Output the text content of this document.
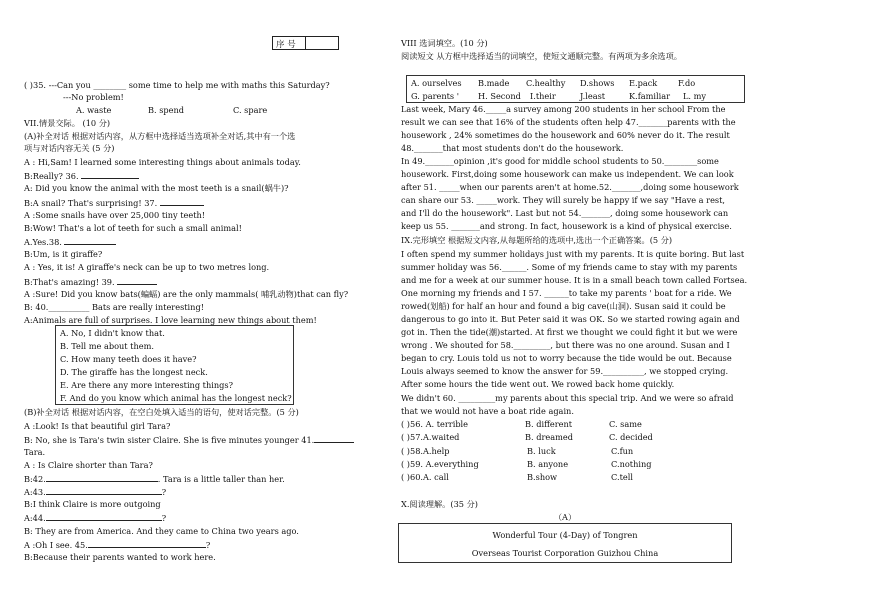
序 号
( )35. ---Can you ________ some time to help me with maths this Saturday?
---No problem!
A. waste	B. spend	C. spare
VII.情景交际。 (10 分)
(A)补全对话 根据对话内容，从方框中选择适当选项补全对话,其中有一个选
项与对话内容无关 (5 分)
A : Hi,Sam! I learned some interesting things about animals today.
B:Really? 36.
A: Did you know the animal with the most teeth is a snail(蜗牛)?
B:A snail? That's surprising! 37.
A :Some snails have over 25,000 tiny teeth!
B:Wow! That's a lot of teeth for such a small animal!
A.Yes.38.
B:Um, is it giraffe?
A : Yes, it is! A giraffe's neck can be up to two metres long.
B:That's amazing! 39.
A :Sure! Did you know bats(蝙蝠) are the only mammals( 哺乳动物)that can fly?
B: 40.__________ Bats are really interesting!
A:Animals are full of surprises. I love learning new things about them!
A. No, I didn't know that.
B. Tell me about them.
C. How many teeth does it have?
D. The giraffe has the longest neck.
E. Are there any more interesting things?
F. And do you know which animal has the longest neck?
(B)补全对话 根据对话内容，在空白处填入适当的语句，使对话完整。(5 分)
A :Look! Is that beautiful girl Tara?
B: No, she is Tara's twin sister Claire. She is five minutes younger 41.
Tara.
A : Is Claire shorter than Tara?
B:42.	. Tara is a little taller than her.
A:43.	?
B:I think Claire is more outgoing
A:44.	?
B: They are from America. And they came to China two years ago.
A :Oh I see. 45.	?
B:Because their parents wanted to work here.
VIII 选词填空。(10 分)
阅读短文 从方框中选择适当的词填空，使短文通顺完整。有两项为多余选项。
A. ourselves B.made C.healthy D.shows E.pack	F.do
G. parents ' H. Second I.their	J.least	K.familiar L. my
Last week, Mary 46._____a survey among 200 students in her school From the
result we can see that 16% of the students often help 47._______parents with the
housework , 24% sometimes do the housework and 60% never do it. The result
48._______that most students don't do the housework.
In 49._______opinion ,it's good for middle school students to 50.________some
housework. First,doing some housework can make us independent. We can look
after 51. _____when our parents aren't at home.52._______,doing some housework
can share our 53. _____work. They will surely be happy if we say "Have a rest,
and I'll do the housework". Last but not 54._______, doing some housework can
keep us 55. _______and strong. In fact, housework is a kind of physical exercise.
IX.完形填空 根据短文内容,从每题所给的选项中,选出一个正确答案。(5 分)
I often spend my summer holidays just with my parents. It is quite boring. But last
summer holiday was 56.______. Some of my friends came to stay with my parents
and me for a week at our summer house. It is in a small beach town called Fortsea.
One morning my friends and I 57. ______to take my parents ' boat for a ride. We
rowed(划船) for half an hour and found a big cave(山洞). Susan said it could be
dangerous to go into it. But Peter said it was OK. So we started rowing again and
got in. Then the tide(潮)started. At first we thought we could fight it but we were
wrong . We shouted for 58._________, but there was no one around. Susan and I
began to cry. Louis told us not to worry because the tide would be out. Because
Louis always seemed to know the answer for 59.__________, we stopped crying.
After some hours the tide went out. We rowed back home quickly.
We didn't 60. _________my parents about this special trip. And we were so afraid
that we would not have a boat ride again.
( )56. A. terrible	B. different	C. same
( )57.A.waited	B. dreamed	C. decided
( )58.A.help	B. luck	C.fun
( )59. A.everything	B. anyone	C.nothing
( )60.A. call	B.show	C.tell
X.阅读理解。(35 分)
（A）
Wonderful Tour (4-Day) of Tongren
Overseas Tourist Corporation Guizhou China
